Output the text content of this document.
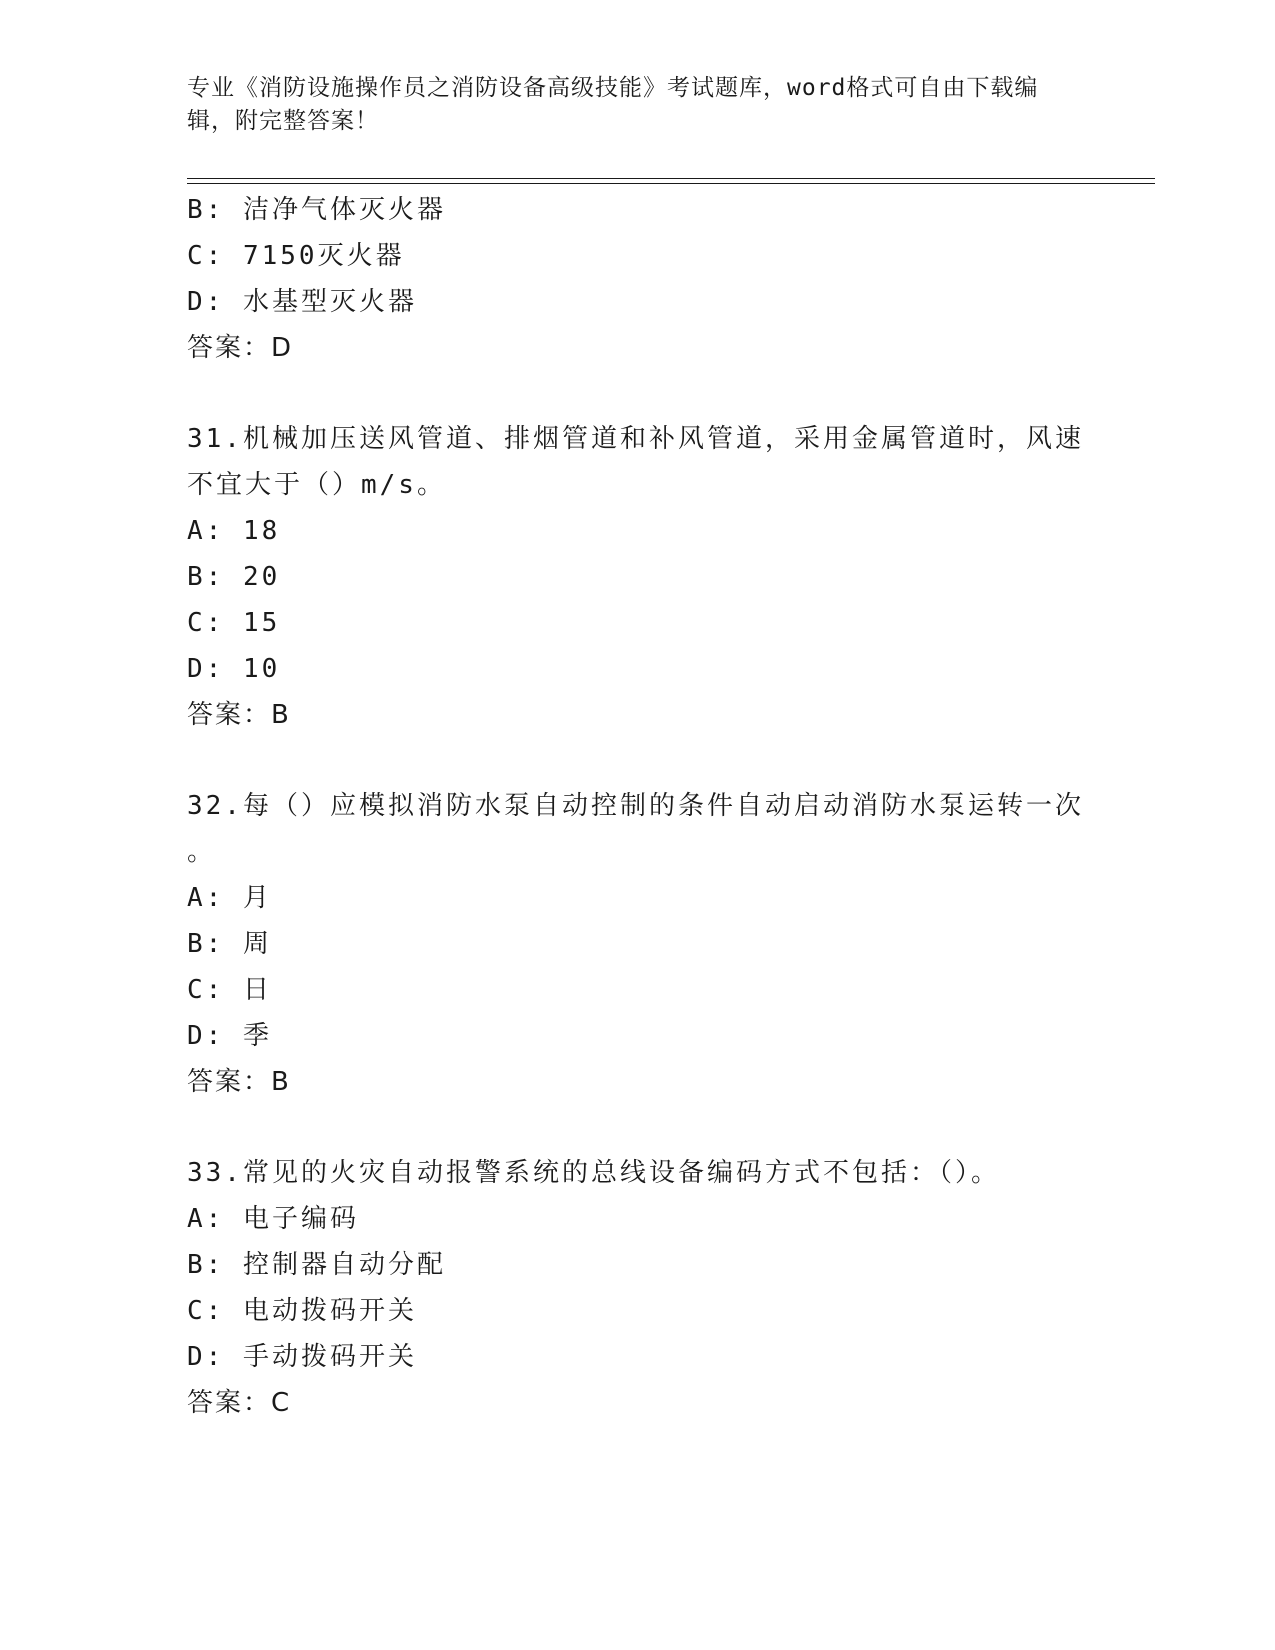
专业《消防设施操作员之消防设备高级技能》考试题库，word格式可自由下载编辑，附完整答案！
B: 洁净气体灭火器
C: 7150灭火器
D: 水基型灭火器
答案：D
31.机械加压送风管道、排烟管道和补风管道，采用金属管道时，风速
不宜大于（）m/s。
A: 18
B: 20
C: 15
D: 10
答案：B
32.每（）应模拟消防水泵自动控制的条件自动启动消防水泵运转一次
。
A: 月
B: 周
C: 日
D: 季
答案：B
33.常见的火灾自动报警系统的总线设备编码方式不包括：（）。
A: 电子编码
B: 控制器自动分配
C: 电动拨码开关
D: 手动拨码开关
答案：C
